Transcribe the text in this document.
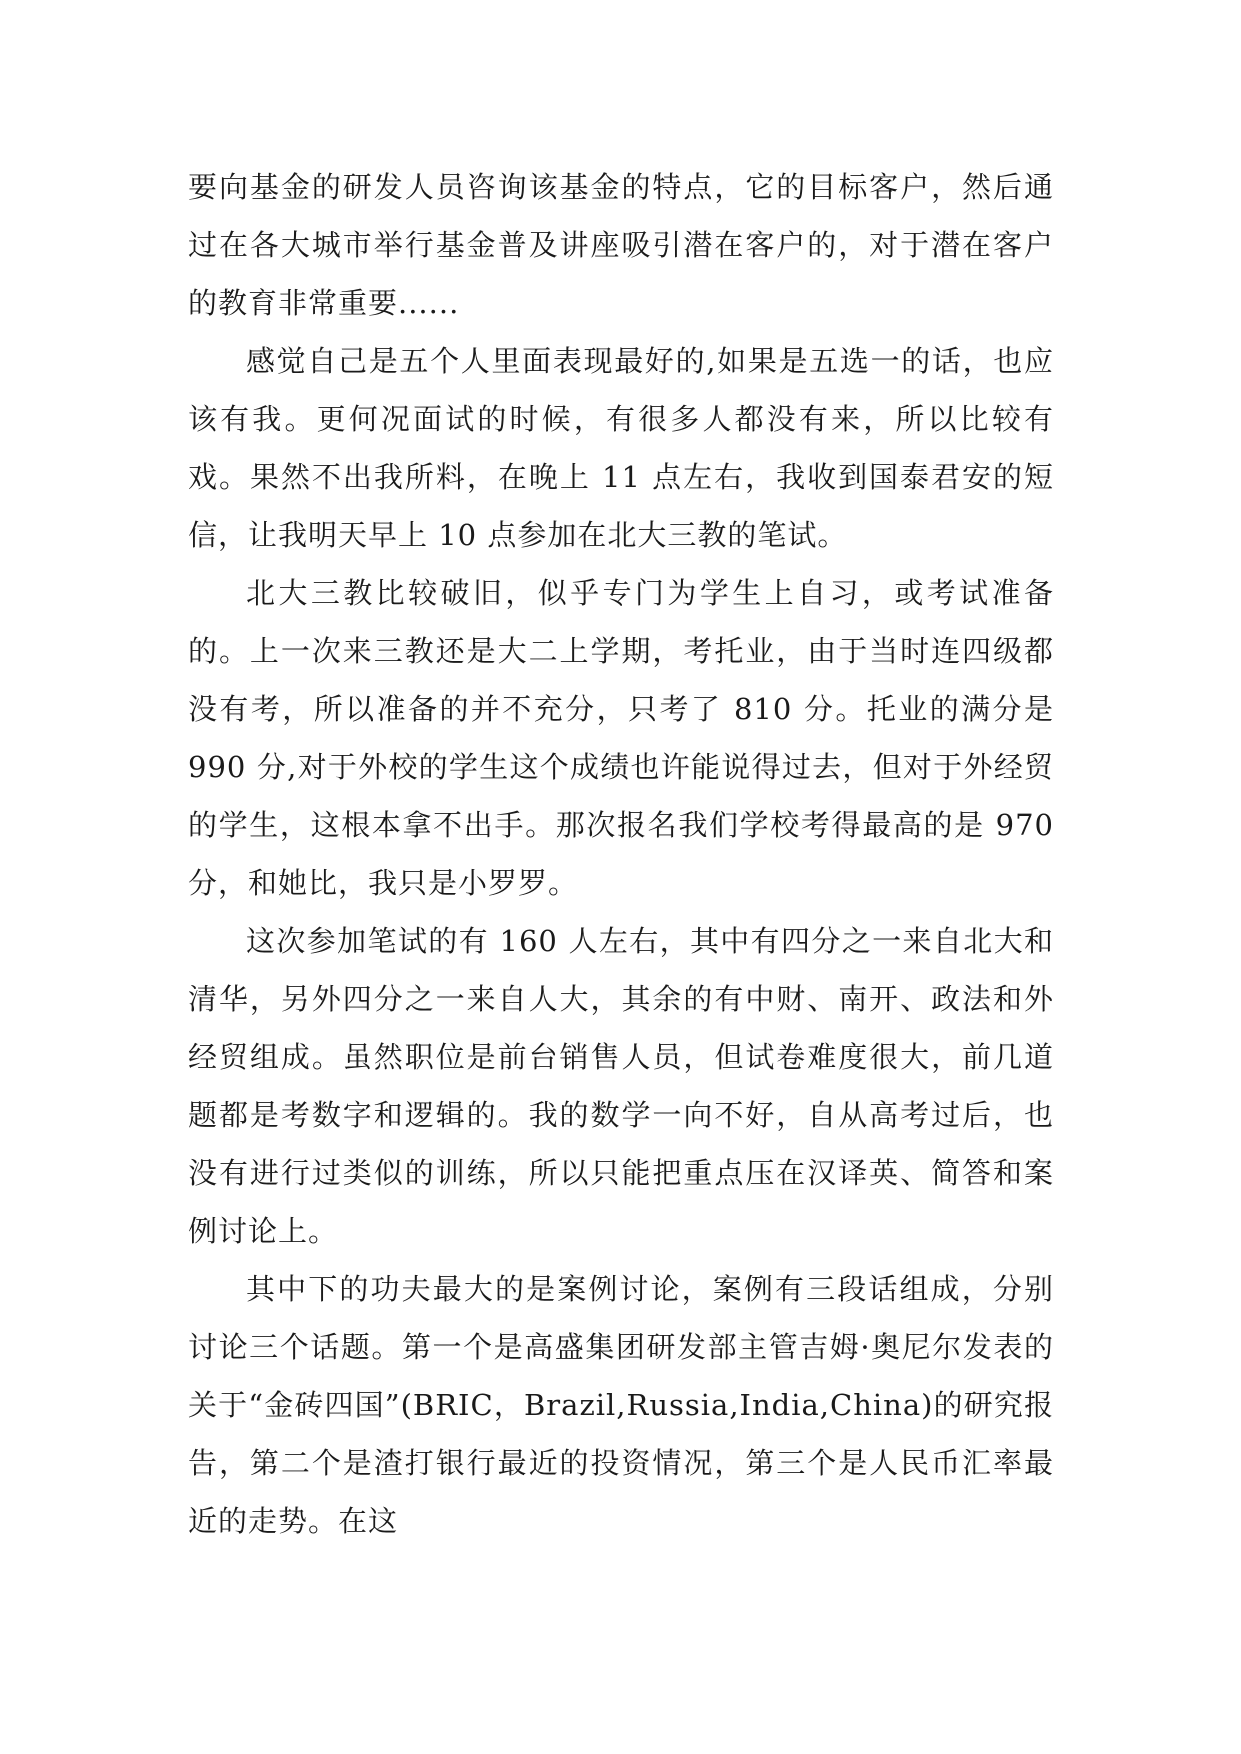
要向基金的研发人员咨询该基金的特点，它的目标客户，然后通过在各大城市举行基金普及讲座吸引潜在客户的，对于潜在客户的教育非常重要......

感觉自己是五个人里面表现最好的,如果是五选一的话，也应该有我。更何况面试的时候，有很多人都没有来，所以比较有戏。果然不出我所料，在晚上 11 点左右，我收到国泰君安的短信，让我明天早上 10 点参加在北大三教的笔试。

北大三教比较破旧，似乎专门为学生上自习，或考试准备的。上一次来三教还是大二上学期，考托业，由于当时连四级都没有考，所以准备的并不充分，只考了 810 分。托业的满分是 990 分,对于外校的学生这个成绩也许能说得过去，但对于外经贸的学生，这根本拿不出手。那次报名我们学校考得最高的是 970 分，和她比，我只是小罗罗。

这次参加笔试的有 160 人左右，其中有四分之一来自北大和清华，另外四分之一来自人大，其余的有中财、南开、政法和外经贸组成。虽然职位是前台销售人员，但试卷难度很大，前几道题都是考数字和逻辑的。我的数学一向不好，自从高考过后，也没有进行过类似的训练，所以只能把重点压在汉译英、简答和案例讨论上。

其中下的功夫最大的是案例讨论，案例有三段话组成，分别讨论三个话题。第一个是高盛集团研发部主管吉姆·奥尼尔发表的关于“金砖四国”(BRIC，Brazil,Russia,India,China)的研究报告，第二个是渣打银行最近的投资情况，第三个是人民币汇率最近的走势。在这
